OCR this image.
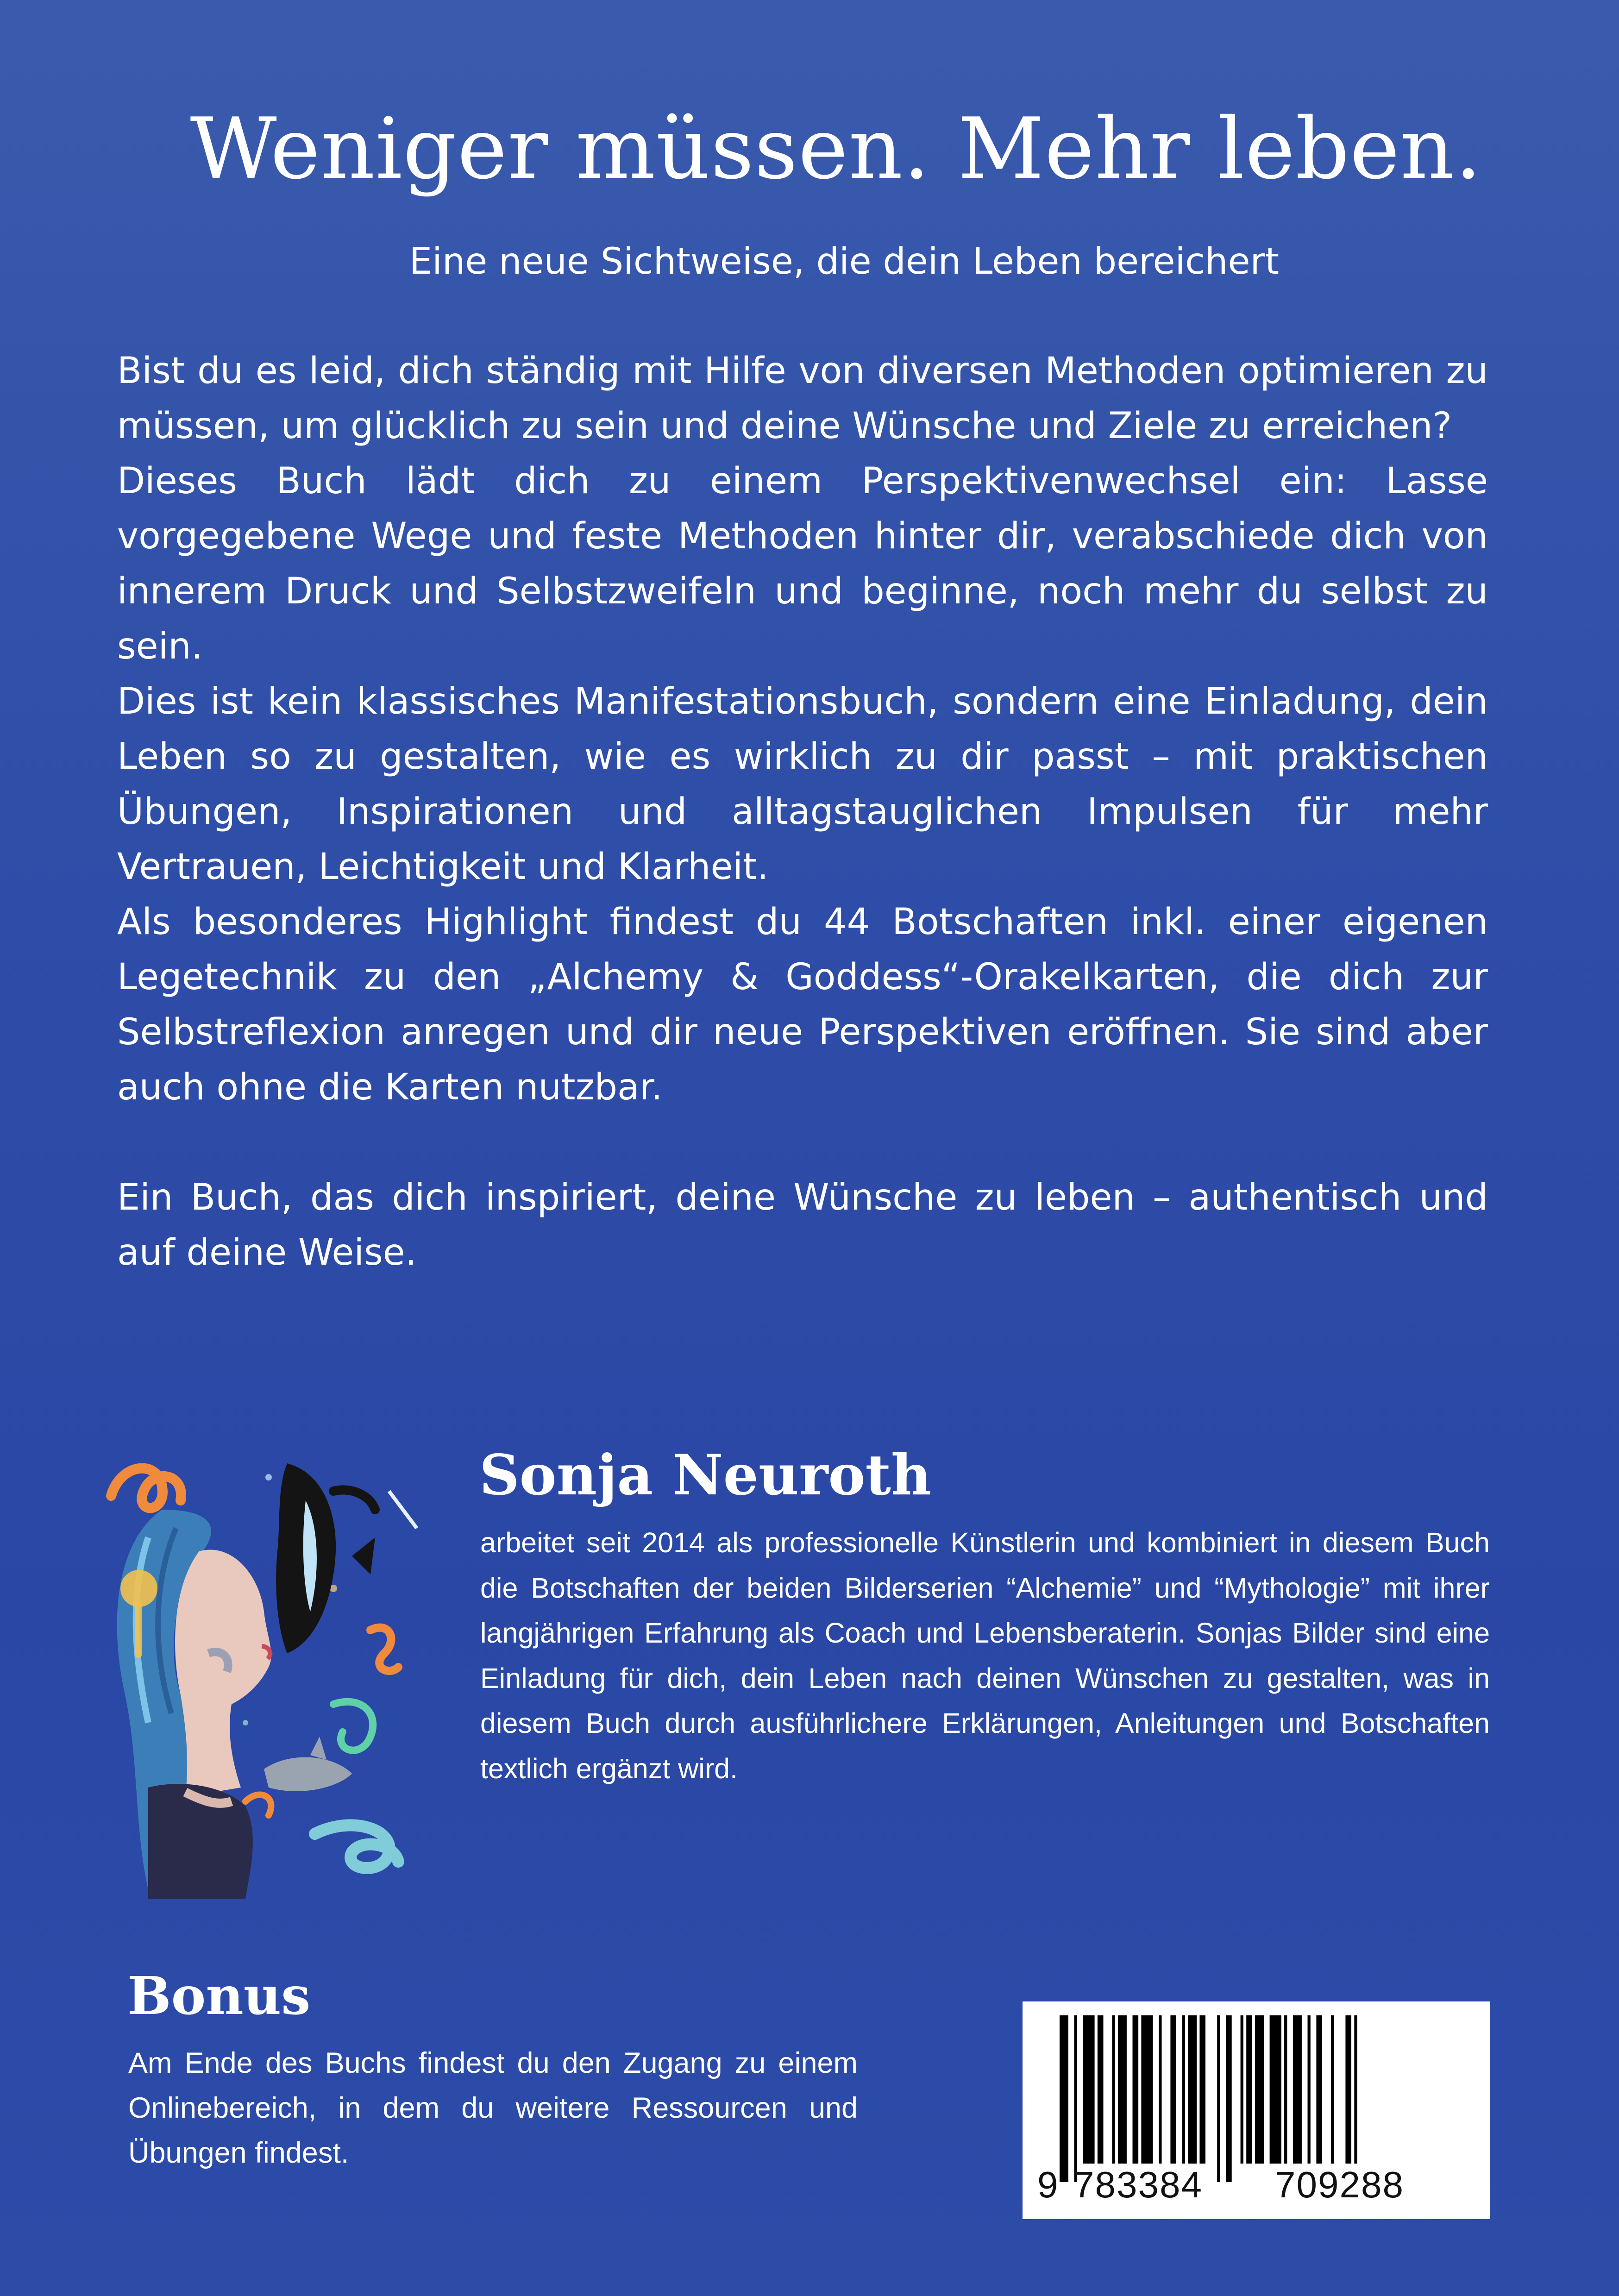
Weniger müssen. Mehr leben.

Eine neue Sichtweise, die dein Leben bereichert

Bist du es leid, dich ständig mit Hilfe von diversen Methoden optimieren zu müssen, um glücklich zu sein und deine Wünsche und Ziele zu erreichen?

Dieses Buch lädt dich zu einem Perspektivenwechsel ein: Lasse vorgegebene Wege und feste Methoden hinter dir, verabschiede dich von innerem Druck und Selbstzweifeln und beginne, noch mehr du selbst zu sein.

Dies ist kein klassisches Manifestationsbuch, sondern eine Einladung, dein Leben so zu gestalten, wie es wirklich zu dir passt – mit praktischen Übungen, Inspirationen und alltagstauglichen Impulsen für mehr Vertrauen, Leichtigkeit und Klarheit.

Als besonderes Highlight findest du 44 Botschaften inkl. einer eigenen Legetechnik zu den „Alchemy & Goddess“-Orakelkarten, die dich zur Selbstreflexion anregen und dir neue Perspektiven eröffnen. Sie sind aber auch ohne die Karten nutzbar.

Ein Buch, das dich inspiriert, deine Wünsche zu leben – authentisch und auf deine Weise.

Sonja Neuroth

arbeitet seit 2014 als professionelle Künstlerin und kombiniert in diesem Buch die Botschaften der beiden Bilderserien “Alchemie” und “Mythologie” mit ihrer langjährigen Erfahrung als Coach und Lebensberaterin. Sonjas Bilder sind eine Einladung für dich, dein Leben nach deinen Wünschen zu gestalten, was in diesem Buch durch ausführlichere Erklärungen, Anleitungen und Botschaften textlich ergänzt wird.

Bonus

Am Ende des Buchs findest du den Zugang zu einem Onlinebereich, in dem du weitere Ressourcen und Übungen findest.

9 783384 709288
